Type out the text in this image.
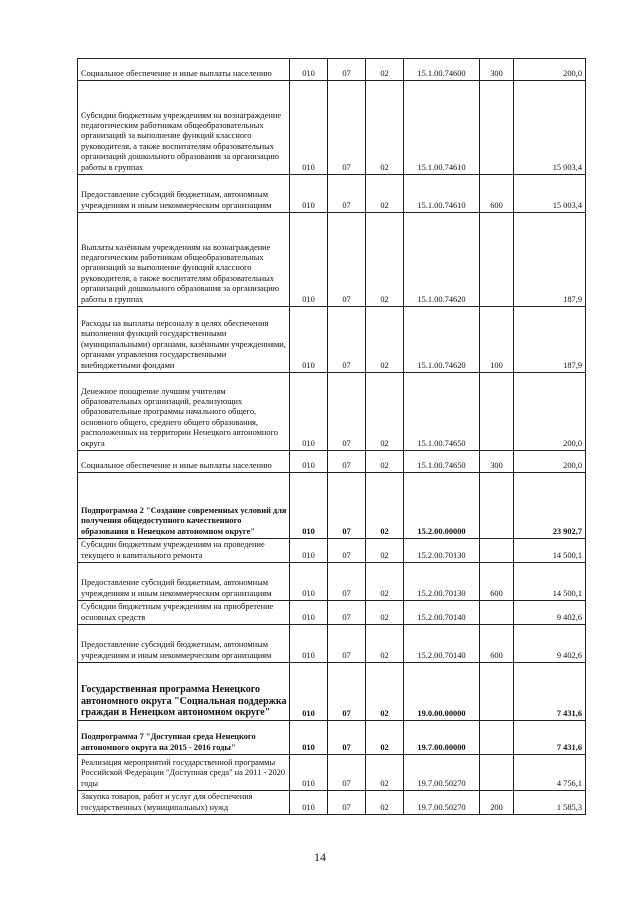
Социальное обеспечение и иные выплаты населению	010	07	02	15.1.00.74600	300	200,0
Субсидии бюджетным учреждениям на вознаграждение педагогическим работникам общеобразовательных организаций за выполнение функций классного руководителя, а также воспитателям образовательных организаций дошкольного образования за организацию работы в группах	010	07	02	15.1.00.74610		15 003,4
Предоставление субсидий бюджетным, автономным учреждениям и иным некоммерческим организациям	010	07	02	15.1.00.74610	600	15 003,4
Выплаты казённым учреждениям на вознаграждение педагогическим работникам общеобразовательных организаций за выполнение функций классного руководителя, а также воспитателям образовательных организаций дошкольного образования за организацию работы в группах	010	07	02	15.1.00.74620		187,9
Расходы на выплаты персоналу в целях обеспечения выполнения функций государственными (муниципальными) органами, казёнными учреждениями, органами управления государственными внебюджетными фондами	010	07	02	15.1.00.74620	100	187,9
Денежное поощрение лучшим учителям образовательных организаций, реализующих образовательные программы начального общего, основного общего, среднего общего образования, расположенных на территории Ненецкого автономного округа	010	07	02	15.1.00.74650		200,0
Социальное обеспечение и иные выплаты населению	010	07	02	15.1.00.74650	300	200,0
Подпрограмма 2 "Создание современных условий для получения общедоступного качественного образования в Ненецком автономном округе"	010	07	02	15.2.00.00000		23 902,7
Субсидии бюджетным учреждениям на проведение текущего и капитального ремонта	010	07	02	15.2.00.70130		14 500,1
Предоставление субсидий бюджетным, автономным учреждениям и иным некоммерческим организациям	010	07	02	15.2.00.70130	600	14 500,1
Субсидии бюджетным учреждениям на приобретение основных средств	010	07	02	15.2.00.70140		9 402,6
Предоставление субсидий бюджетным, автономным учреждениям и иным некоммерческим организациям	010	07	02	15.2.00.70140	600	9 402,6
Государственная программа Ненецкого автономного округа "Социальная поддержка граждан в Ненецком автономном округе"	010	07	02	19.0.00.00000		7 431,6
Подпрограмма 7 "Доступная среда Ненецкого автономного округа на 2015 - 2016 годы"	010	07	02	19.7.00.00000		7 431,6
Реализация мероприятий государственной программы Российской Федерации "Доступная среда" на 2011 - 2020 годы	010	07	02	19.7.00.50270		4 756,1
Закупка товаров, работ и услуг для обеспечения государственных (муниципальных) нужд	010	07	02	19.7.00.50270	200	1 585,3
14
